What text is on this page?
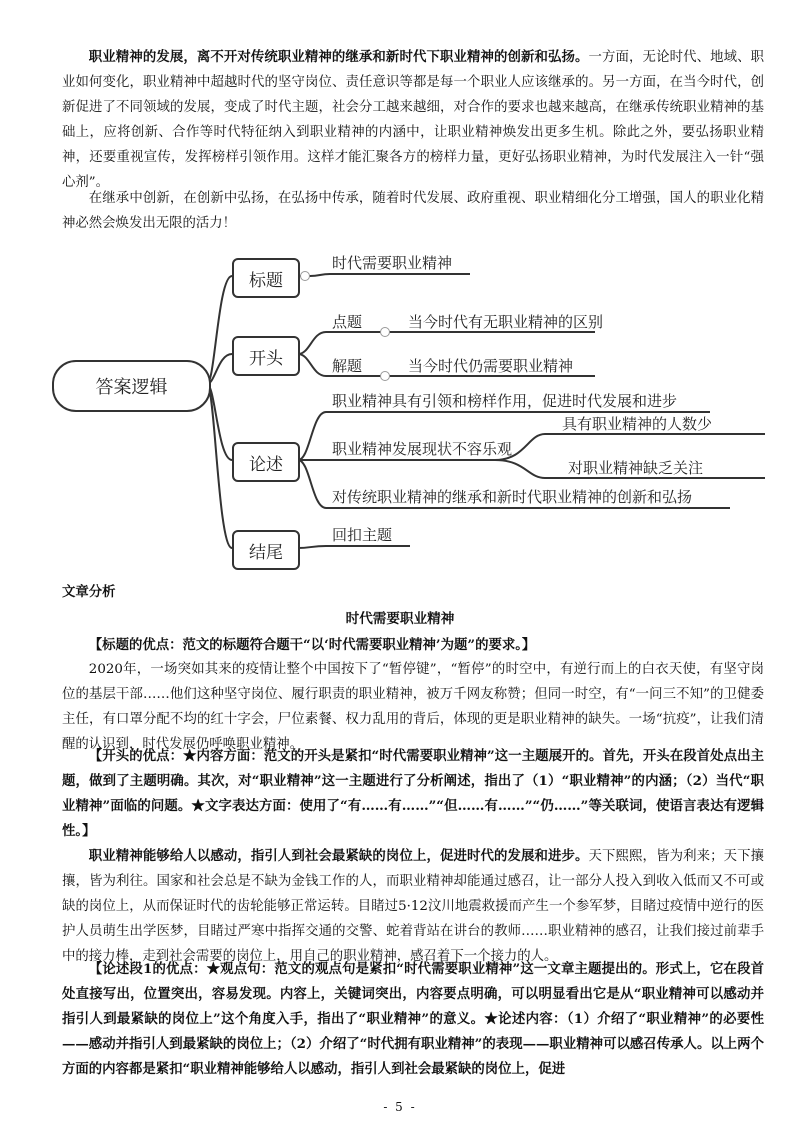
职业精神的发展，离不开对传统职业精神的继承和新时代下职业精神的创新和弘扬。一方面，无论时代、地域、职业如何变化，职业精神中超越时代的坚守岗位、责任意识等都是每一个职业人应该继承的。另一方面，在当今时代，创新促进了不同领域的发展，变成了时代主题，社会分工越来越细，对合作的要求也越来越高，在继承传统职业精神的基础上，应将创新、合作等时代特征纳入到职业精神的内涵中，让职业精神焕发出更多生机。除此之外，要弘扬职业精神，还要重视宣传，发挥榜样引领作用。这样才能汇聚各方的榜样力量，更好弘扬职业精神，为时代发展注入一针“强心剂”。

在继承中创新，在创新中弘扬，在弘扬中传承，随着时代发展、政府重视、职业精细化分工增强，国人的职业化精神必然会焕发出无限的活力！

答案逻辑
标题
开头
论述
结尾
时代需要职业精神
点题	当今时代有无职业精神的区别
解题	当今时代仍需要职业精神
职业精神具有引领和榜样作用，促进时代发展和进步
职业精神发展现状不容乐观
具有职业精神的人数少
对职业精神缺乏关注
对传统职业精神的继承和新时代职业精神的创新和弘扬
回扣主题
文章分析
时代需要职业精神

【标题的优点：范文的标题符合题干“以‘时代需要职业精神’为题”的要求。】

2020年，一场突如其来的疫情让整个中国按下了“暂停键”，“暂停”的时空中，有逆行而上的白衣天使，有坚守岗位的基层干部……他们这种坚守岗位、履行职责的职业精神，被万千网友称赞；但同一时空，有“一问三不知”的卫健委主任，有口罩分配不均的红十字会，尸位素餐、权力乱用的背后，体现的更是职业精神的缺失。一场“抗疫”，让我们清醒的认识到，时代发展仍呼唤职业精神。

【开头的优点：★内容方面：范文的开头是紧扣“时代需要职业精神”这一主题展开的。首先，开头在段首处点出主题，做到了主题明确。其次，对“职业精神”这一主题进行了分析阐述，指出了（1）“职业精神”的内涵；（2）当代“职业精神”面临的问题。★文字表达方面：使用了“有……有……”“但……有……”“仍……”等关联词，使语言表达有逻辑性。】

职业精神能够给人以感动，指引人到社会最紧缺的岗位上，促进时代的发展和进步。天下熙熙，皆为利来；天下攘攘，皆为利往。国家和社会总是不缺为金钱工作的人，而职业精神却能通过感召，让一部分人投入到收入低而又不可或缺的岗位上，从而保证时代的齿轮能够正常运转。目睹过5·12汶川地震救援而产生一个参军梦，目睹过疫情中逆行的医护人员萌生出学医梦，目睹过严寒中指挥交通的交警、蛇着背站在讲台的教师……职业精神的感召，让我们接过前辈手中的接力棒，走到社会需要的岗位上，用自己的职业精神，感召着下一个接力的人。

【论述段1的优点：★观点句：范文的观点句是紧扣“时代需要职业精神”这一文章主题提出的。形式上，它在段首处直接写出，位置突出，容易发现。内容上，关键词突出，内容要点明确，可以明显看出它是从“职业精神可以感动并指引人到最紧缺的岗位上”这个角度入手，指出了“职业精神”的意义。★论述内容：（1）介绍了“职业精神”的必要性——感动并指引人到最紧缺的岗位上；（2）介绍了“时代拥有职业精神”的表现——职业精神可以感召传承人。以上两个方面的内容都是紧扣“职业精神能够给人以感动，指引人到社会最紧缺的岗位上，促进

- 5 -
